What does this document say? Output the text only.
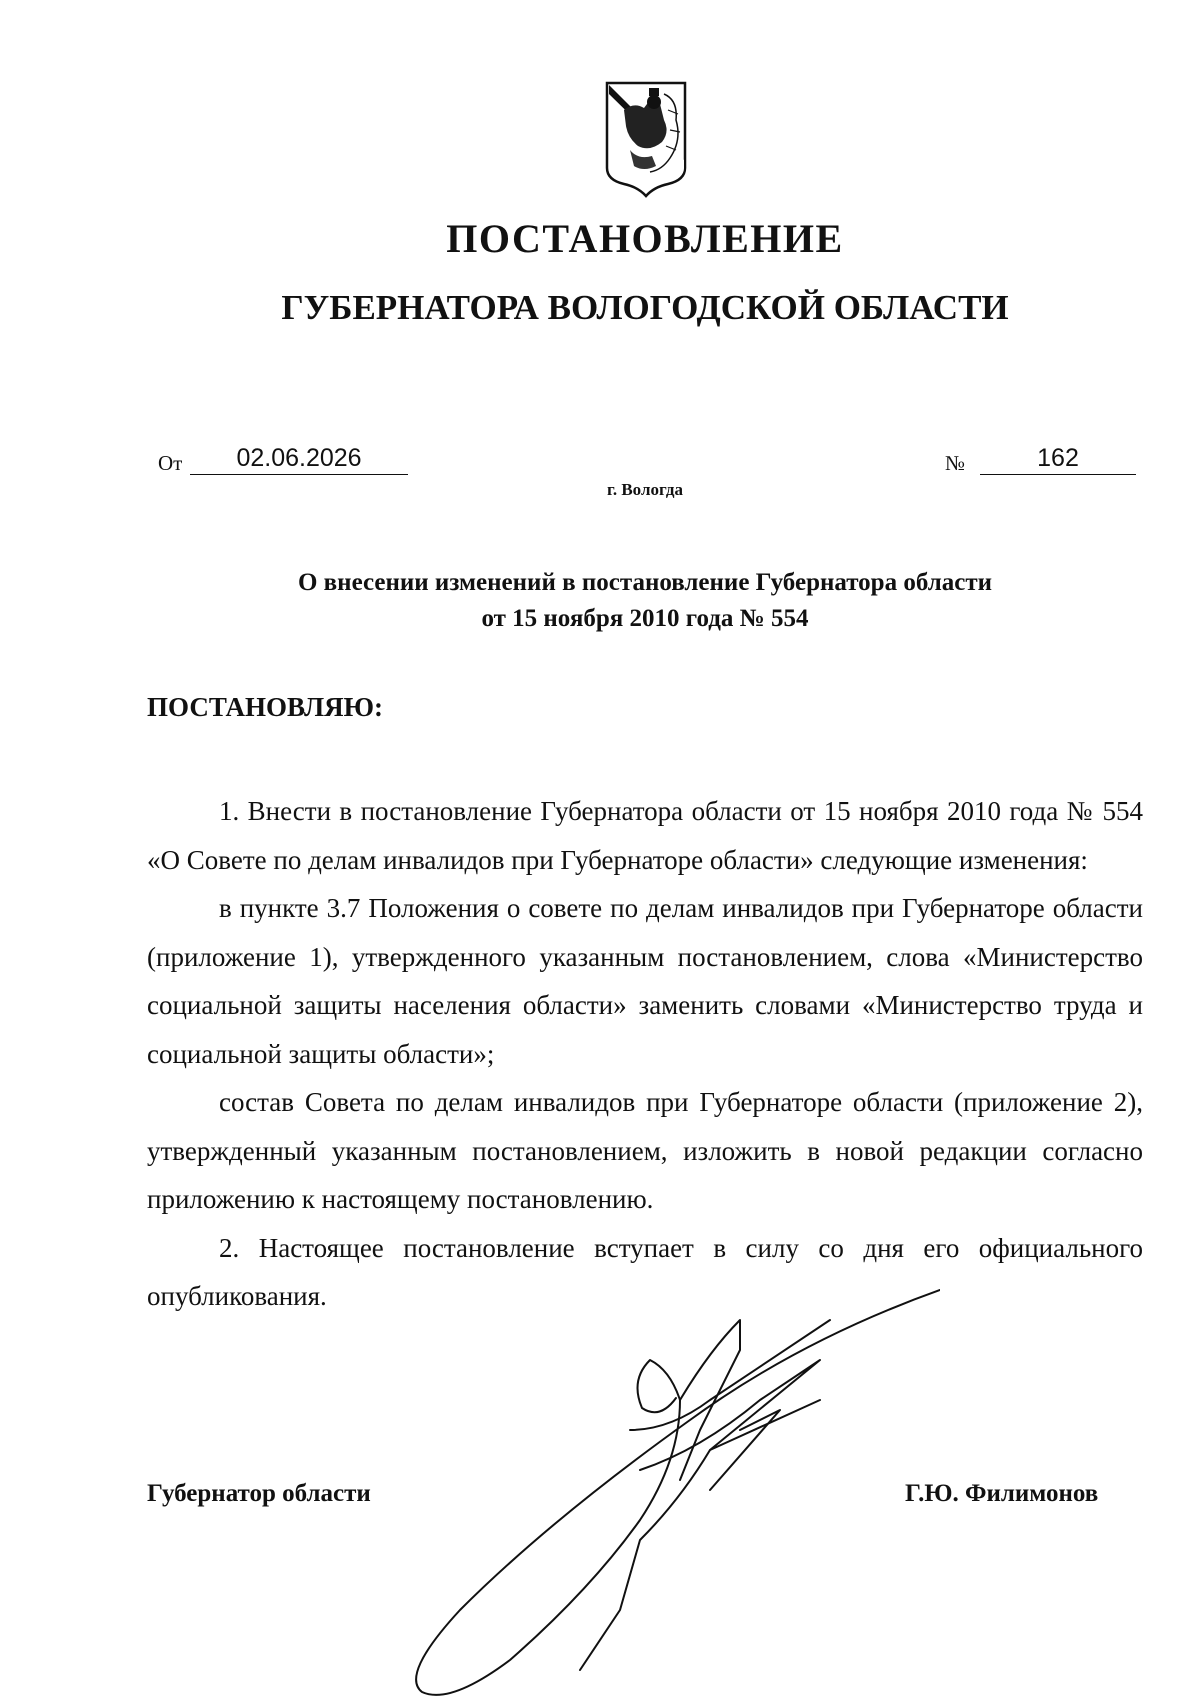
ПОСТАНОВЛЕНИЕ
ГУБЕРНАТОРА ВОЛОГОДСКОЙ ОБЛАСТИ
От	02.06.2026	№	162
г. Вологда
О внесении изменений в постановление Губернатора области
от 15 ноября 2010 года № 554
ПОСТАНОВЛЯЮ:

1. Внести в постановление Губернатора области от 15 ноября 2010 года № 554 «О Совете по делам инвалидов при Губернаторе области» следующие изменения:

в пункте 3.7 Положения о совете по делам инвалидов при Губернаторе области (приложение 1), утвержденного указанным постановлением, слова «Министерство социальной защиты населения области» заменить словами «Министерство труда и социальной защиты области»;

состав Совета по делам инвалидов при Губернаторе области (приложение 2), утвержденный указанным постановлением, изложить в новой редакции согласно приложению к настоящему постановлению.

2. Настоящее постановление вступает в силу со дня его официального опубликования.

Губернатор области	Г.Ю. Филимонов
